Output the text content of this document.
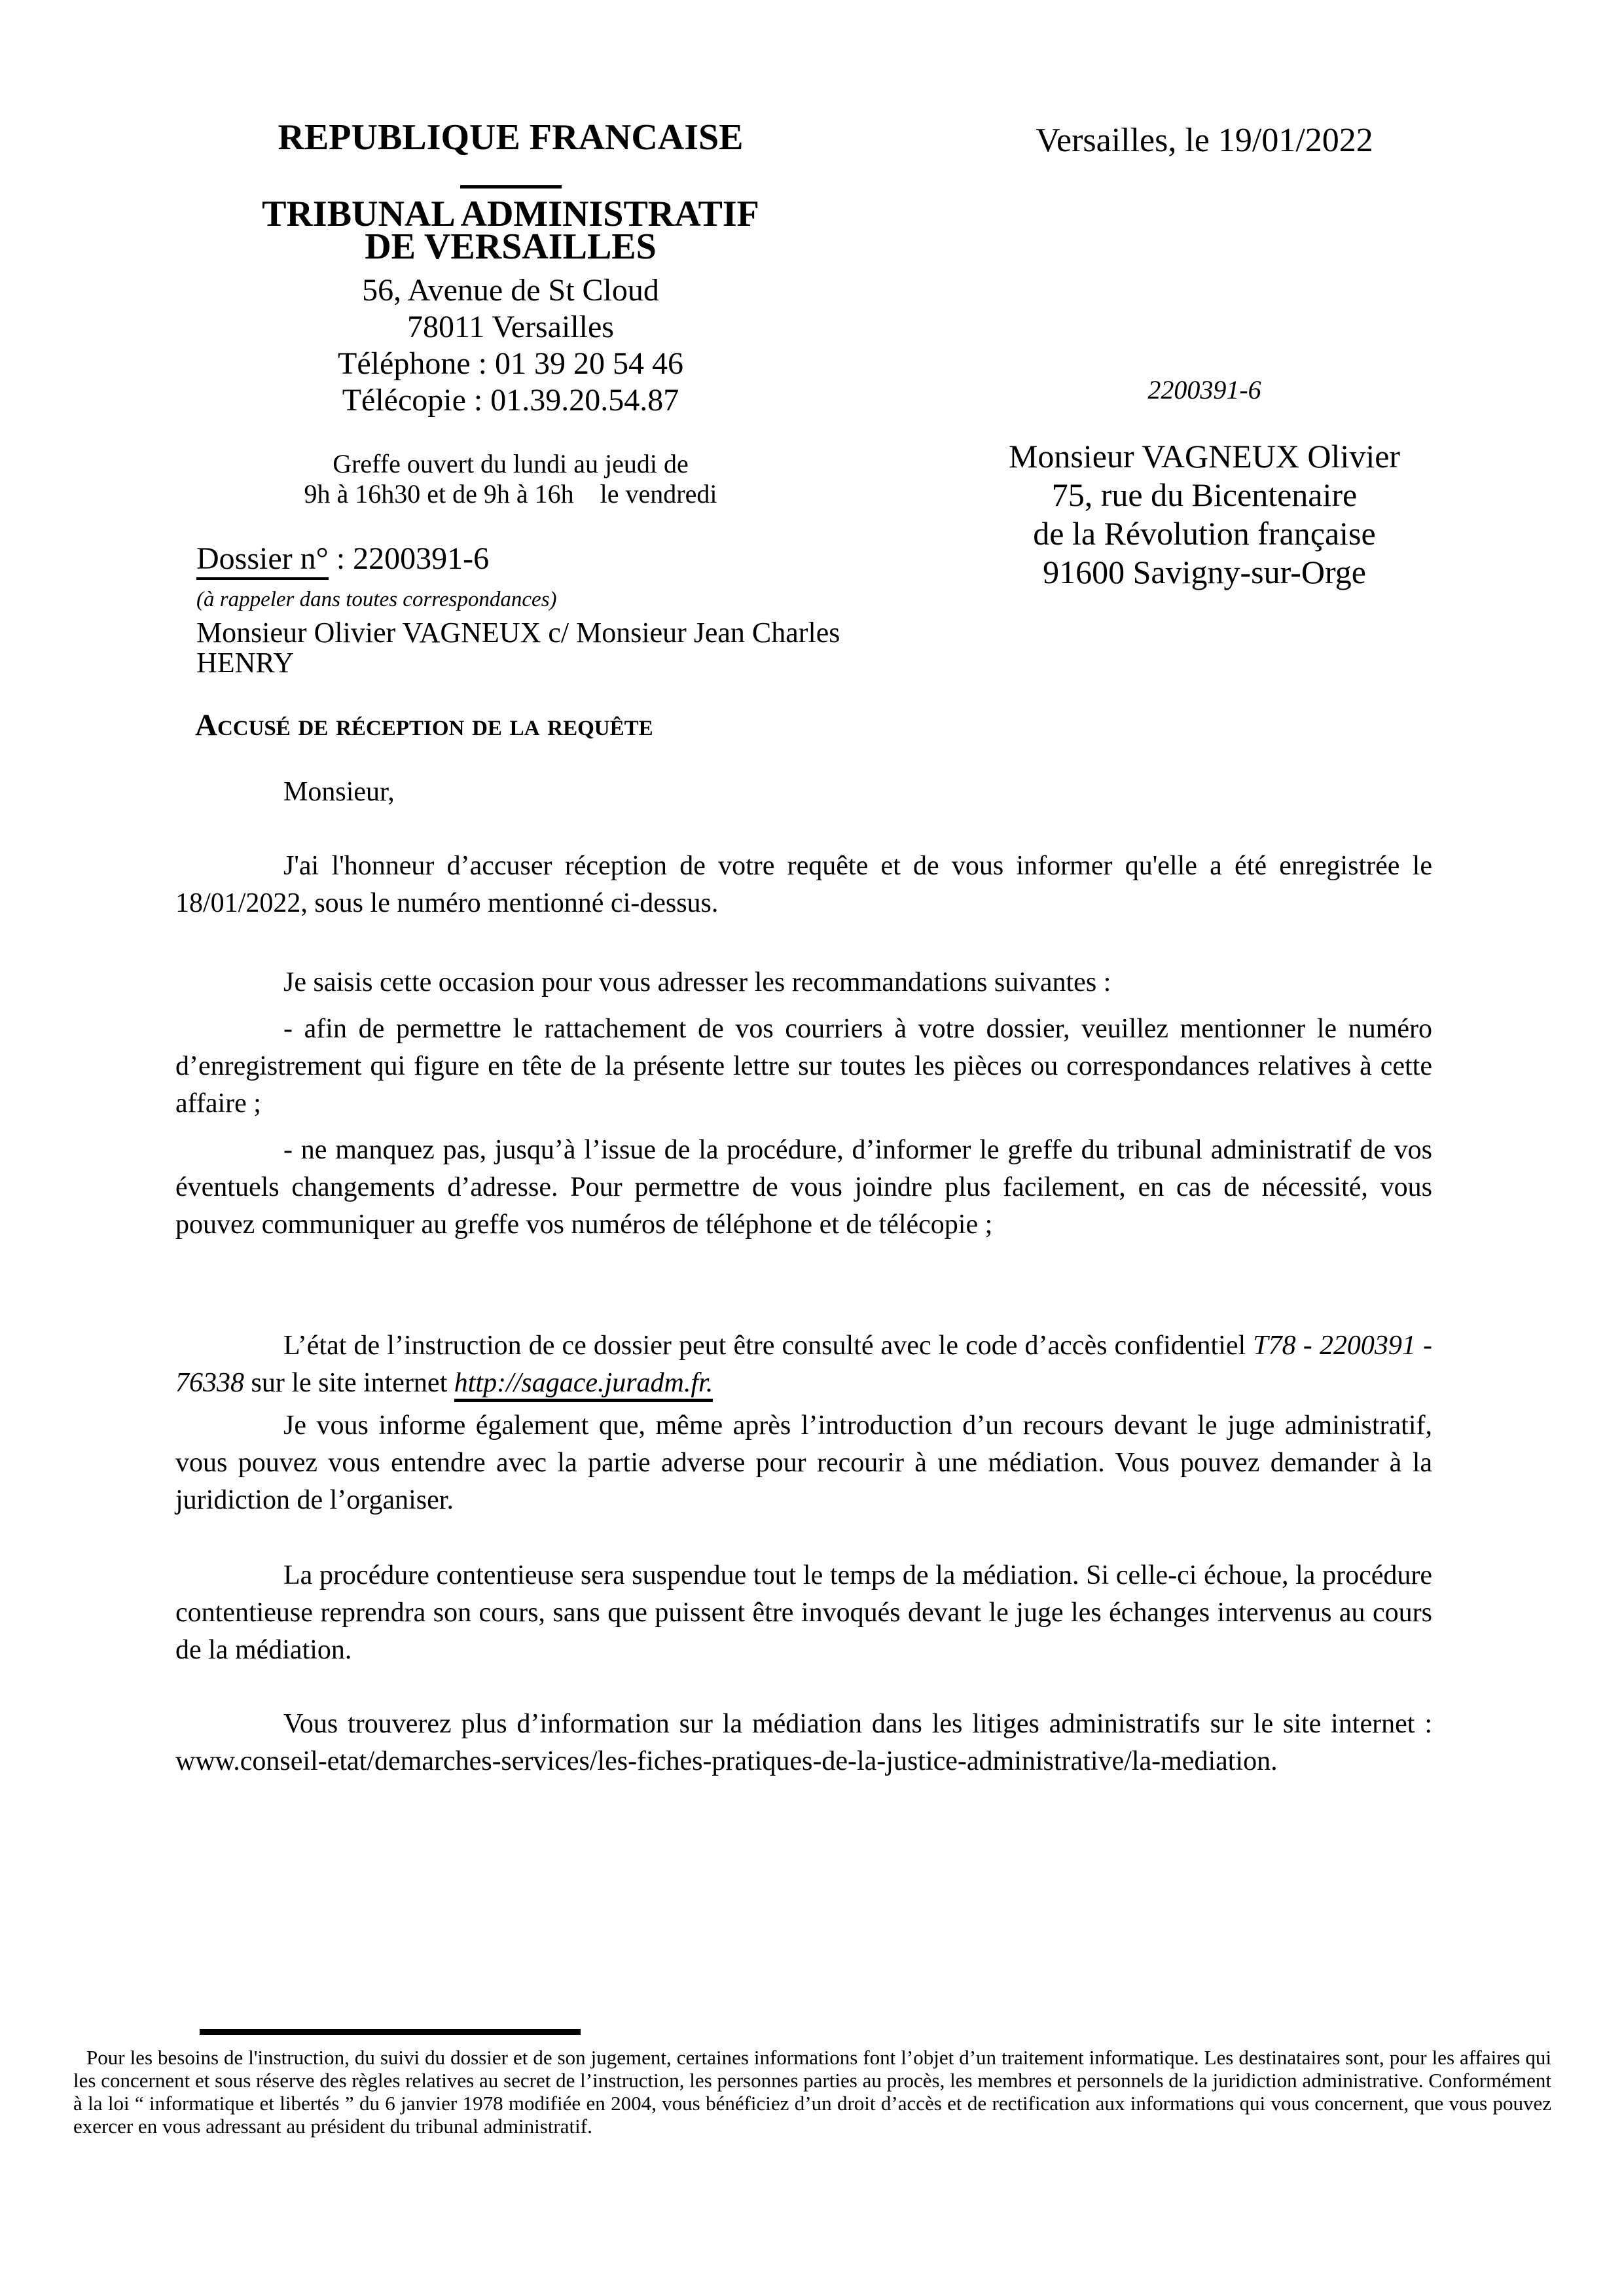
REPUBLIQUE FRANCAISE
TRIBUNAL ADMINISTRATIF
DE VERSAILLES
56, Avenue de St Cloud
78011 Versailles
Téléphone : 01 39 20 54 46
Télécopie : 01.39.20.54.87
Greffe ouvert du lundi au jeudi de
9h à 16h30 et de 9h à 16h    le vendredi
Dossier n° : 2200391-6
(à rappeler dans toutes correspondances)
Monsieur Olivier VAGNEUX c/ Monsieur Jean Charles
HENRY
Versailles, le 19/01/2022
2200391-6
Monsieur VAGNEUX Olivier
75, rue du Bicentenaire
de la Révolution française
91600 Savigny-sur-Orge
Accusé de réception de la requête

Monsieur,

J'ai l'honneur d’accuser réception de votre requête et de vous informer qu'elle a été enregistrée le 18/01/2022, sous le numéro mentionné ci-dessus.

Je saisis cette occasion pour vous adresser les recommandations suivantes :

- afin de permettre le rattachement de vos courriers à votre dossier, veuillez mentionner le numéro d’enregistrement qui figure en tête de la présente lettre sur toutes les pièces ou correspondances relatives à cette affaire ;

- ne manquez pas, jusqu’à l’issue de la procédure, d’informer le greffe du tribunal administratif de vos éventuels changements d’adresse. Pour permettre de vous joindre plus facilement, en cas de nécessité, vous pouvez communiquer au greffe vos numéros de téléphone et de télécopie ;

L’état de l’instruction de ce dossier peut être consulté avec le code d’accès confidentiel T78 - 2200391 - 76338 sur le site internet http://sagace.juradm.fr.

Je vous informe également que, même après l’introduction d’un recours devant le juge administratif, vous pouvez vous entendre avec la partie adverse pour recourir à une médiation. Vous pouvez demander à la juridiction de l’organiser.

La procédure contentieuse sera suspendue tout le temps de la médiation. Si celle-ci échoue, la procédure contentieuse reprendra son cours, sans que puissent être invoqués devant le juge les échanges intervenus au cours de la médiation.

Vous trouverez plus d’information sur la médiation dans les litiges administratifs sur le site internet : www.conseil-etat/demarches-services/les-fiches-pratiques-de-la-justice-administrative/la-mediation.

Pour les besoins de l'instruction, du suivi du dossier et de son jugement, certaines informations font l’objet d’un traitement informatique. Les destinataires sont, pour les affaires qui les concernent et sous réserve des règles relatives au secret de l’instruction, les personnes parties au procès, les membres et personnels de la juridiction administrative. Conformément à la loi “ informatique et libertés ” du 6 janvier 1978 modifiée en 2004, vous bénéficiez d’un droit d’accès et de rectification aux informations qui vous concernent, que vous pouvez exercer en vous adressant au président du tribunal administratif.
